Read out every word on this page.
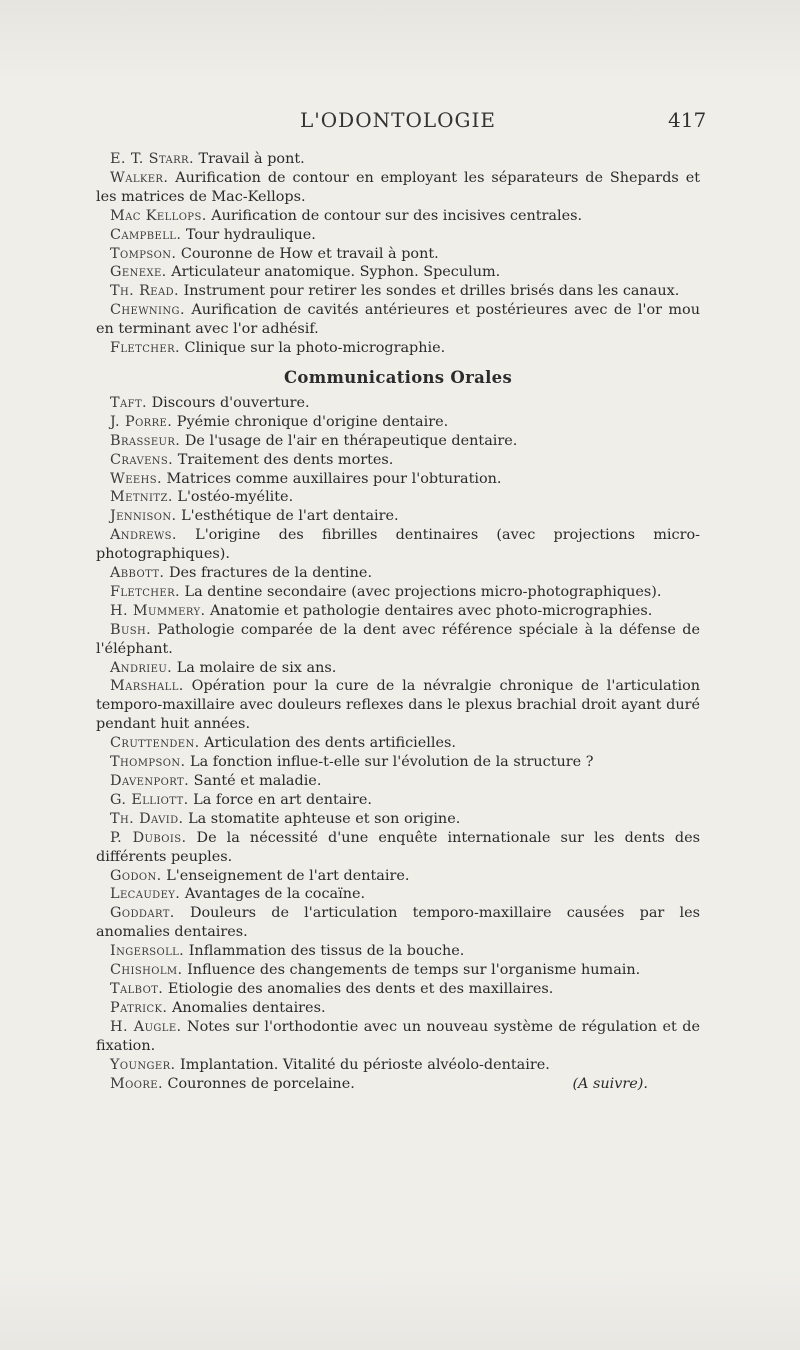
L'ODONTOLOGIE	417

E. T. Starr. Travail à pont.

Walker. Aurification de contour en employant les séparateurs de Shepards et les matrices de Mac-Kellops.

Mac Kellops. Aurification de contour sur des incisives centrales.

Campbell. Tour hydraulique.

Tompson. Couronne de How et travail à pont.

Genexe. Articulateur anatomique. Syphon. Speculum.

Th. Read. Instrument pour retirer les sondes et drilles brisés dans les canaux.

Chewning. Aurification de cavités antérieures et postérieures avec de l'or mou en terminant avec l'or adhésif.

Fletcher. Clinique sur la photo-micrographie.

Communications Orales

Taft. Discours d'ouverture.

J. Porre. Pyémie chronique d'origine dentaire.

Brasseur. De l'usage de l'air en thérapeutique dentaire.

Cravens. Traitement des dents mortes.

Weehs. Matrices comme auxillaires pour l'obturation.

Metnitz. L'ostéo-myélite.

Jennison. L'esthétique de l'art dentaire.

Andrews. L'origine des fibrilles dentinaires (avec projections micro-photographiques).

Abbott. Des fractures de la dentine.

Fletcher. La dentine secondaire (avec projections micro-photographiques).

H. Mummery. Anatomie et pathologie dentaires avec photo-micrographies.

Bush. Pathologie comparée de la dent avec référence spéciale à la défense de l'éléphant.

Andrieu. La molaire de six ans.

Marshall. Opération pour la cure de la névralgie chronique de l'articulation temporo-maxillaire avec douleurs reflexes dans le plexus brachial droit ayant duré pendant huit années.

Cruttenden. Articulation des dents artificielles.

Thompson. La fonction influe-t-elle sur l'évolution de la structure ?

Davenport. Santé et maladie.

G. Elliott. La force en art dentaire.

Th. David. La stomatite aphteuse et son origine.

P. Dubois. De la nécessité d'une enquête internationale sur les dents des différents peuples.

Godon. L'enseignement de l'art dentaire.

Lecaudey. Avantages de la cocaïne.

Goddart. Douleurs de l'articulation temporo-maxillaire causées par les anomalies dentaires.

Ingersoll. Inflammation des tissus de la bouche.

Chisholm. Influence des changements de temps sur l'organisme humain.

Talbot. Etiologie des anomalies des dents et des maxillaires.

Patrick. Anomalies dentaires.

H. Augle. Notes sur l'orthodontie avec un nouveau système de régulation et de fixation.

Younger. Implantation. Vitalité du périoste alvéolo-dentaire.

Moore. Couronnes de porcelaine.	(A suivre).
